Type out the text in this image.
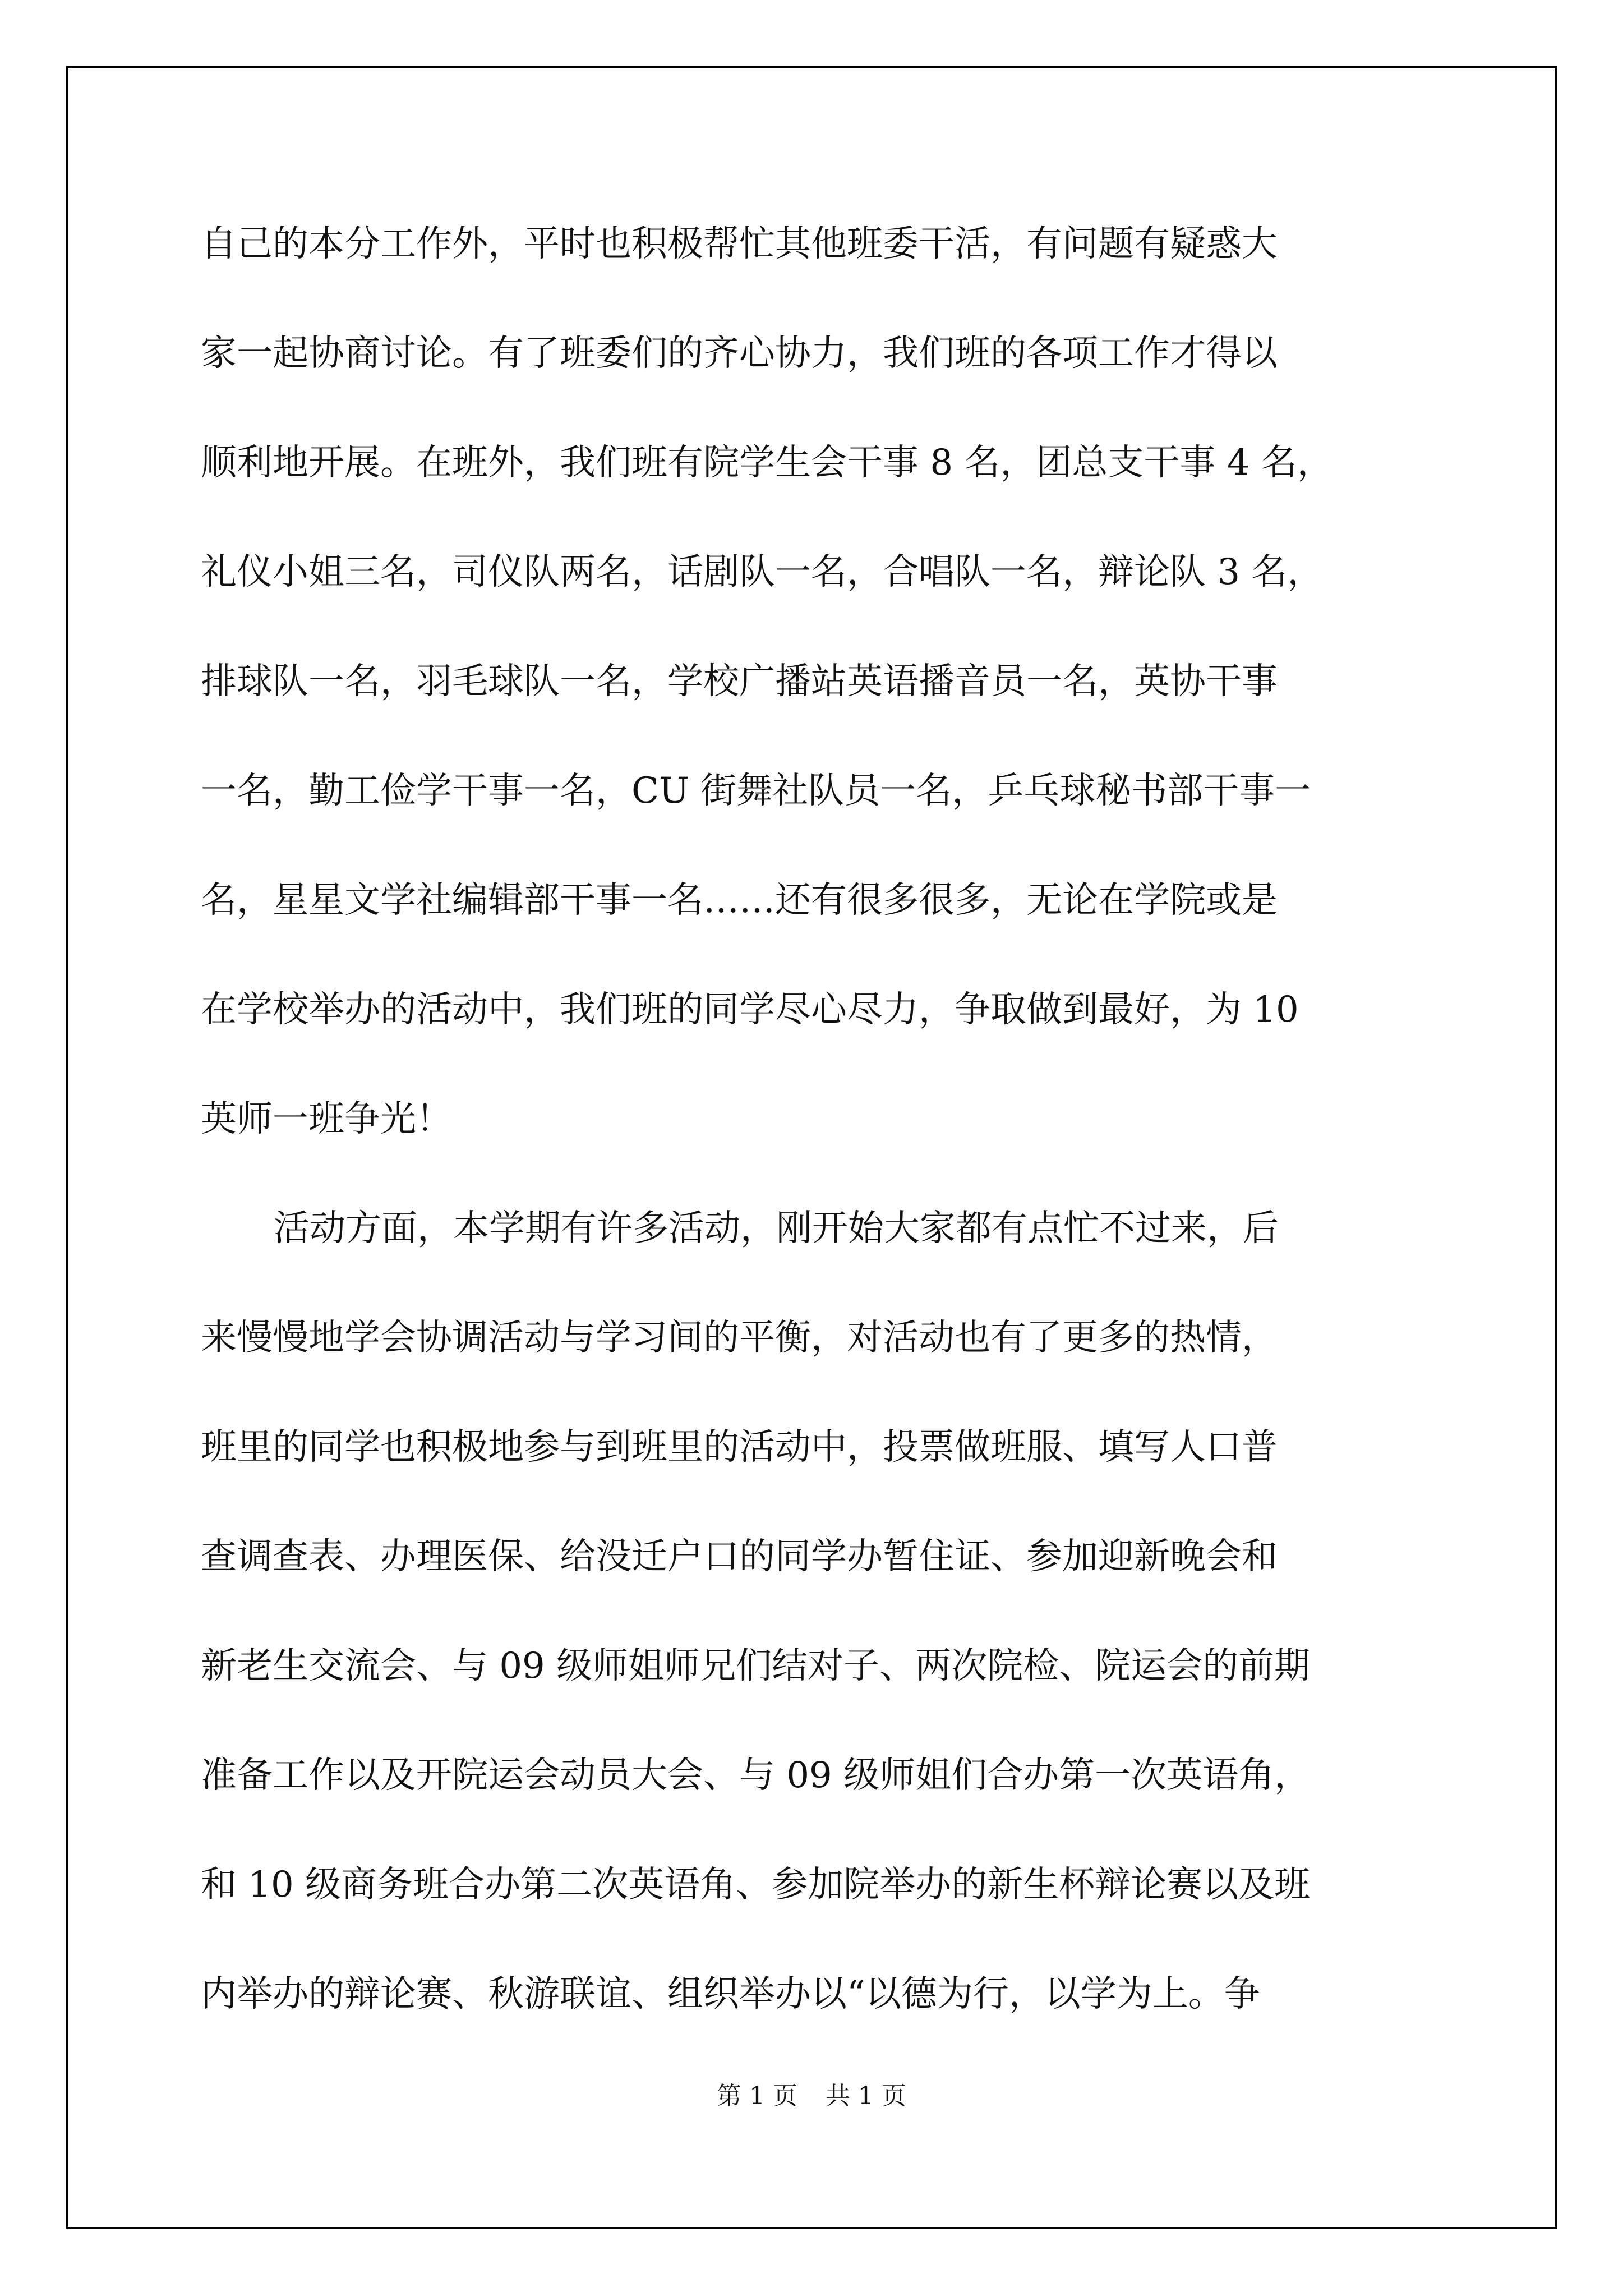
自己的本分工作外，平时也积极帮忙其他班委干活，有问题有疑惑大
家一起协商讨论。有了班委们的齐心协力，我们班的各项工作才得以
顺利地开展。在班外，我们班有院学生会干事 8 名，团总支干事 4 名，
礼仪小姐三名，司仪队两名，话剧队一名，合唱队一名，辩论队 3 名，
排球队一名，羽毛球队一名，学校广播站英语播音员一名，英协干事
一名，勤工俭学干事一名，CU 街舞社队员一名，乒乓球秘书部干事一
名，星星文学社编辑部干事一名……还有很多很多，无论在学院或是
在学校举办的活动中，我们班的同学尽心尽力，争取做到最好，为 10
英师一班争光！
活动方面，本学期有许多活动，刚开始大家都有点忙不过来，后
来慢慢地学会协调活动与学习间的平衡，对活动也有了更多的热情，
班里的同学也积极地参与到班里的活动中，投票做班服、填写人口普
查调查表、办理医保、给没迁户口的同学办暂住证、参加迎新晚会和
新老生交流会、与 09 级师姐师兄们结对子、两次院检、院运会的前期
准备工作以及开院运会动员大会、与 09 级师姐们合办第一次英语角，
和 10 级商务班合办第二次英语角、参加院举办的新生杯辩论赛以及班
内举办的辩论赛、秋游联谊、组织举办以“以德为行，以学为上。争
第 1 页 共 1 页
